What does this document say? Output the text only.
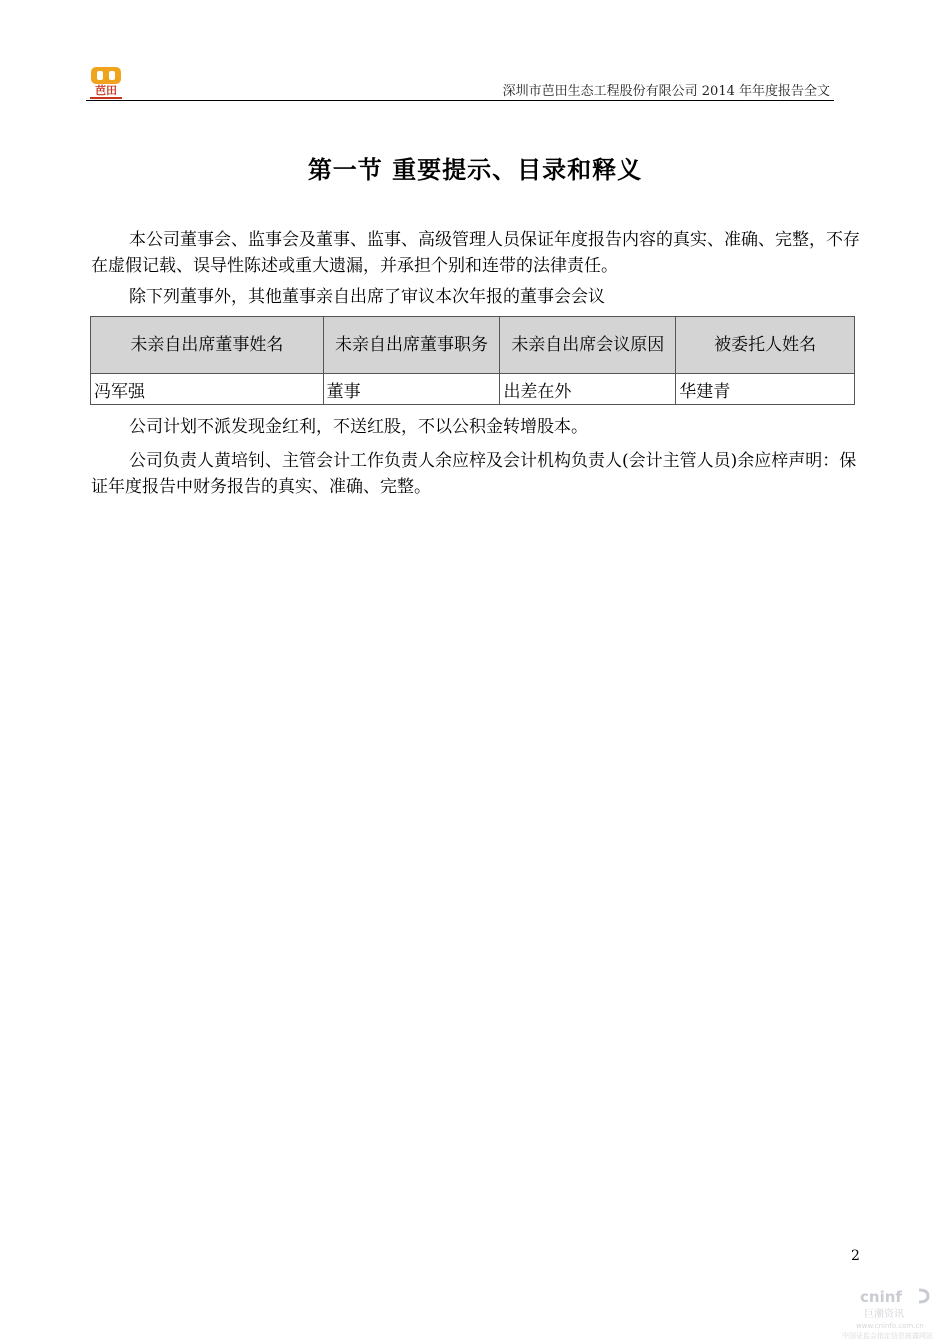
芭田	深圳市芭田生态工程股份有限公司 2014 年年度报告全文
第一节 重要提示、目录和释义
本公司董事会、监事会及董事、监事、高级管理人员保证年度报告内容的真实、准确、完整，不存在虚假记载、误导性陈述或重大遗漏，并承担个别和连带的法律责任。
除下列董事外，其他董事亲自出席了审议本次年报的董事会会议
未亲自出席董事姓名	未亲自出席董事职务	未亲自出席会议原因	被委托人姓名
冯军强	董事	出差在外	华建青
公司计划不派发现金红利，不送红股，不以公积金转增股本。
公司负责人黄培钊、主管会计工作负责人余应梓及会计机构负责人(会计主管人员)余应梓声明：保证年度报告中财务报告的真实、准确、完整。
2
cninf
巨潮资讯
www.cninfo.com.cn
中国证监会指定信息披露网站
